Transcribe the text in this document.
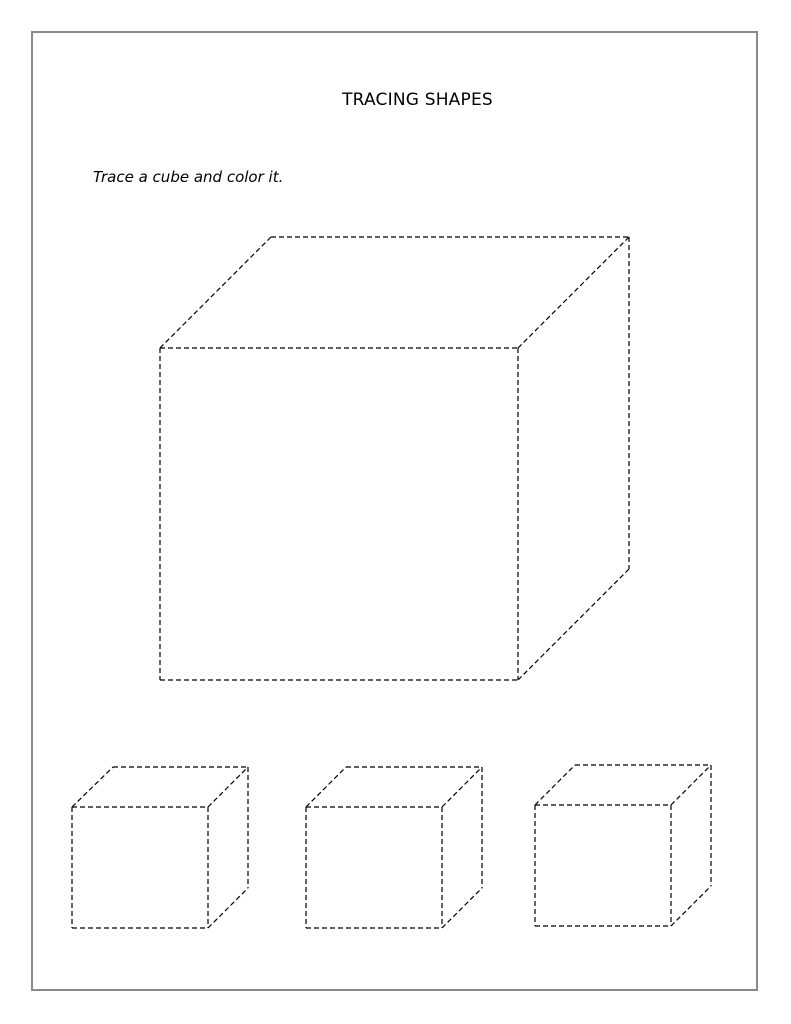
TRACING SHAPES
Trace a cube and color it.
